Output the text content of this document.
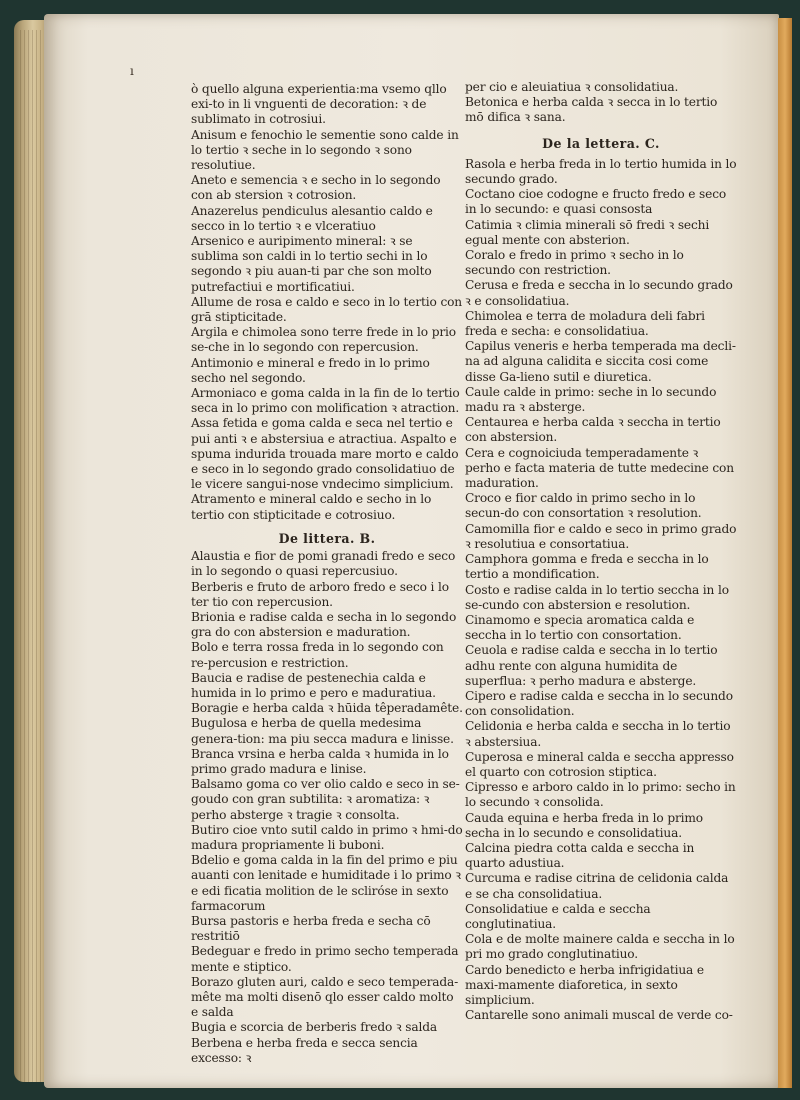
ı

ò quello alguna experientia:ma vsemo qllo exi-to in li vnguenti de decoration: ꝛ de sublimato in cotrosiui.

Anisum e fenochio le sementie sono calde in lo tertio ꝛ seche in lo segondo ꝛ sono resolutiue.

Aneto e semencia ꝛ e secho in lo segondo con ab stersion ꝛ cotrosion.

Anazerelus pendiculus alesantio caldo e secco in lo tertio ꝛ e vlceratiuo

Arsenico e auripimento mineral: ꝛ se sublima son caldi in lo tertio sechi in lo segondo ꝛ piu auan-ti par che son molto putrefactiui e mortificatiui.

Allume de rosa e caldo e seco in lo tertio con grā stipticitade.

Argila e chimolea sono terre frede in lo prio se-che in lo segondo con repercusion.

Antimonio e mineral e fredo in lo primo secho nel segondo.

Armoniaco e goma calda in la fin de lo tertio seca in lo primo con molification ꝛ atraction.

Assa fetida e goma calda e seca nel tertio e pui anti ꝛ e abstersiua e atractiua. Aspalto e spuma indurida trouada mare morto e caldo e seco in lo segondo grado consolidatiuo de le vicere sangui-nose vndecimo simplicium.

Atramento e mineral caldo e secho in lo tertio con stipticitade e cotrosiuo.

De littera. B.

Alaustia e fior de pomi granadi fredo e seco in lo segondo o quasi repercusiuo.

Berberis e fruto de arboro fredo e seco i lo ter tio con repercusion.

Brionia e radise calda e secha in lo segondo gra do con abstersion e maduration.

Bolo e terra rossa freda in lo segondo con re-percusion e restriction.

Baucia e radise de pestenechia calda e humida in lo primo e pero e maduratiua.

Boragie e herba calda ꝛ hūida têperadamête.

Bugulosa e herba de quella medesima genera-tion: ma piu secca madura e linisse.

Branca vrsina e herba calda ꝛ humida in lo primo grado madura e linise.

Balsamo goma co ver olio caldo e seco in se-goudo con gran subtilita: ꝛ aromatiza: ꝛ perho absterge ꝛ tragie ꝛ consolta.

Butiro cioe vnto sutil caldo in primo ꝛ hmi-do madura propriamente li buboni.

Bdelio e goma calda in la fin del primo e piu auanti con lenitade e humiditade i lo primo ꝛ e edi ficatia molition de le scliróse in sexto farmacorum

Bursa pastoris e herba freda e secha cō restritiō

Bedeguar e fredo in primo secho temperada mente e stiptico.

Borazo gluten auri, caldo e seco temperada-mête ma molti disenō qlo esser caldo molto e salda

Bugia e scorcia de berberis fredo ꝛ salda

Berbena e herba freda e secca sencia excesso: ꝛ

per cio e aleuiatiua ꝛ consolidatiua.

Betonica e herba calda ꝛ secca in lo tertio mō difica ꝛ sana.

De la lettera. C.

Rasola e herba freda in lo tertio humida in lo secundo grado.

Coctano cioe codogne e fructo fredo e seco in lo secundo: e quasi consosta

Catimia ꝛ climia minerali sō fredi ꝛ sechi egual mente con absterion.

Coralo e fredo in primo ꝛ secho in lo secundo con restriction.

Cerusa e freda e seccha in lo secundo grado ꝛ e consolidatiua.

Chimolea e terra de moladura deli fabri freda e secha: e consolidatiua.

Capilus veneris e herba temperada ma decli-na ad alguna calidita e siccita cosi come disse Ga-lieno sutil e diuretica.

Caule calde in primo: seche in lo secundo madu ra ꝛ absterge.

Centaurea e herba calda ꝛ seccha in tertio con abstersion.

Cera e cognoiciuda temperadamente ꝛ perho e facta materia de tutte medecine con maduration.

Croco e fior caldo in primo secho in lo secun-do con consortation ꝛ resolution.

Camomilla fior e caldo e seco in primo grado ꝛ resolutiua e consortatiua.

Camphora gomma e freda e seccha in lo tertio a mondification.

Costo e radise calda in lo tertio seccha in lo se-cundo con abstersion e resolution.

Cinamomo e specia aromatica calda e seccha in lo tertio con consortation.

Ceuola e radise calda e seccha in lo tertio adhu rente con alguna humidita de superflua: ꝛ perho madura e absterge.

Cipero e radise calda e seccha in lo secundo con consolidation.

Celidonia e herba calda e seccha in lo tertio ꝛ abstersiua.

Cuperosa e mineral calda e seccha appresso el quarto con cotrosion stiptica.

Cipresso e arboro caldo in lo primo: secho in lo secundo ꝛ consolida.

Cauda equina e herba freda in lo primo secha in lo secundo e consolidatiua.

Calcina piedra cotta calda e seccha in quarto adustiua.

Curcuma e radise citrina de celidonia calda e se cha consolidatiua.

Consolidatiue e calda e seccha conglutinatiua.

Cola e de molte mainere calda e seccha in lo pri mo grado conglutinatiuo.

Cardo benedicto e herba infrigidatiua e maxi-mamente diaforetica, in sexto simplicium.

Cantarelle sono animali muscal de verde co-
